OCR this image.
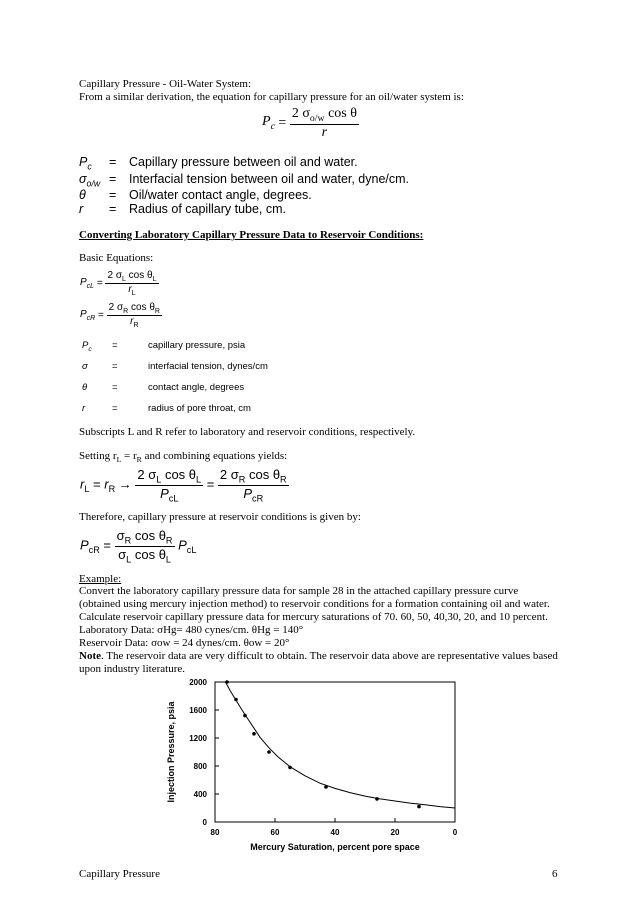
Capillary Pressure - Oil-Water System:
From a similar derivation, the equation for capillary pressure for an oil/water system is:
$P_c = \frac{2 \sigma_{o/w} \cos \theta}{r}$
$P_c$	=	Capillary pressure between oil and water.
$\sigma_{o/w}$	=	Interfacial tension between oil and water, dyne/cm.
θ	=	Oil/water contact angle, degrees.
r	=	Radius of capillary tube, cm.
Converting Laboratory Capillary Pressure Data to Reservoir Conditions:
Basic Equations:
$P_{cL} = \frac{2 \sigma_L \cos \theta_L}{r_L}$
$P_{cR} = \frac{2 \sigma_R \cos \theta_R}{r_R}$
$P_c$	=	capillary pressure, psia
σ	=	interfacial tension, dynes/cm
θ	=	contact angle, degrees
r	=	radius of pore throat, cm
Subscripts L and R refer to laboratory and reservoir conditions, respectively.
Setting $r_L = r_R$ and combining equations yields:
$r_L = r_R \to \frac{2 \sigma_L \cos \theta_L}{P_{cL}} = \frac{2 \sigma_R \cos \theta_R}{P_{cR}}$
Therefore, capillary pressure at reservoir conditions is given by:
$P_{cR} = \frac{\sigma_R \cos \theta_R}{\sigma_L \cos \theta_L} P_{cL}$
Example:
Convert the laboratory capillary pressure data for sample 28 in the attached capillary pressure curve (obtained using mercury injection method) to reservoir conditions for a formation containing oil and water.
Calculate reservoir capillary pressure data for mercury saturations of 70. 60, 50, 40,30, 20, and 10 percent.
Laboratory Data: σHg= 480 cynes/cm. θHg = 140°
Reservoir Data: σow = 24 dynes/cm. θow = 20°
Note. The reservoir data are very difficult to obtain. The reservoir data above are representative values based upon industry literature.
0
400
800
1200
1600
2000
80	60	40	20	0
Mercury Saturation, percent pore space
Injection Pressure, psia
Capillary Pressure	6
